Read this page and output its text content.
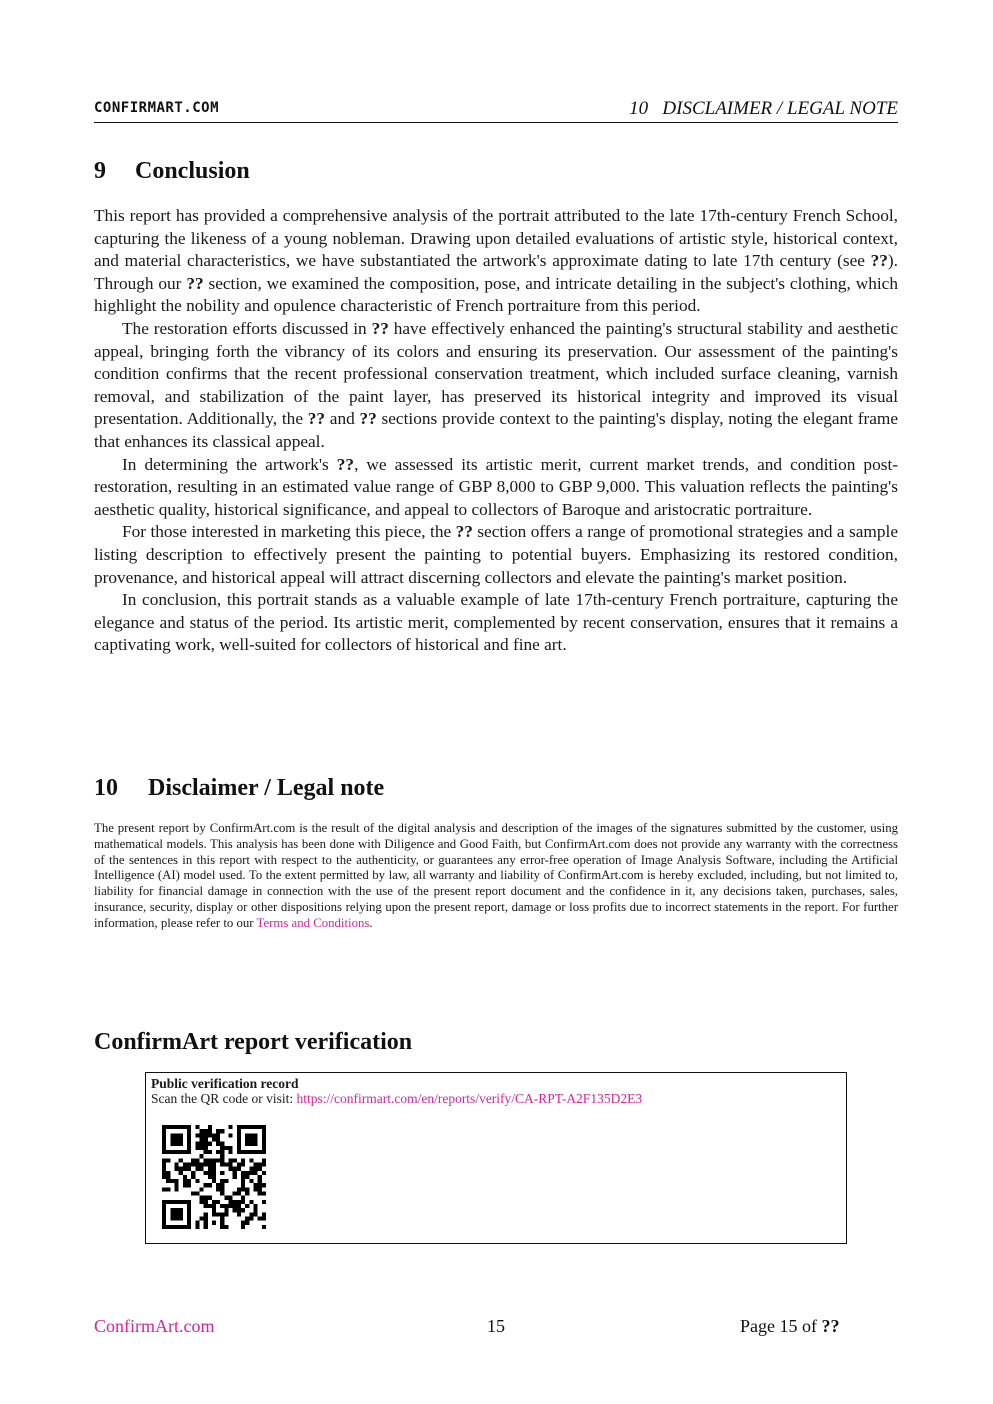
CONFIRMART.COM	10   DISCLAIMER / LEGAL NOTE
9 Conclusion

This report has provided a comprehensive analysis of the portrait attributed to the late 17th-century French School, capturing the likeness of a young nobleman. Drawing upon detailed evaluations of artistic style, historical context, and material characteristics, we have substantiated the artwork's approximate dating to late 17th century (see ??). Through our ?? section, we examined the composition, pose, and intricate detailing in the subject's clothing, which highlight the nobility and opulence characteristic of French portraiture from this period.

The restoration efforts discussed in ?? have effectively enhanced the painting's structural stability and aesthetic appeal, bringing forth the vibrancy of its colors and ensuring its preservation. Our assessment of the painting's condition confirms that the recent professional conservation treatment, which included surface cleaning, varnish removal, and stabilization of the paint layer, has preserved its historical integrity and improved its visual presentation. Additionally, the ?? and ?? sections provide context to the painting's display, noting the elegant frame that enhances its classical appeal.

In determining the artwork's ??, we assessed its artistic merit, current market trends, and condition post-restoration, resulting in an estimated value range of GBP 8,000 to GBP 9,000. This valuation reflects the painting's aesthetic quality, historical significance, and appeal to collectors of Baroque and aristocratic portraiture.

For those interested in marketing this piece, the ?? section offers a range of promotional strategies and a sample listing description to effectively present the painting to potential buyers. Emphasizing its restored condition, provenance, and historical appeal will attract discerning collectors and elevate the painting's market position.

In conclusion, this portrait stands as a valuable example of late 17th-century French portraiture, capturing the elegance and status of the period. Its artistic merit, complemented by recent conservation, ensures that it remains a captivating work, well-suited for collectors of historical and fine art.

10 Disclaimer / Legal note
The present report by ConfirmArt.com is the result of the digital analysis and description of the images of the signatures submitted by the customer, using mathematical models. This analysis has been done with Diligence and Good Faith, but ConfirmArt.com does not provide any warranty with the correctness of the sentences in this report with respect to the authenticity, or guarantees any error-free operation of Image Analysis Software, including the Artificial Intelligence (AI) model used. To the extent permitted by law, all warranty and liability of ConfirmArt.com is hereby excluded, including, but not limited to, liability for financial damage in connection with the use of the present report document and the confidence in it, any decisions taken, purchases, sales, insurance, security, display or other dispositions relying upon the present report, damage or loss profits due to incorrect statements in the report. For further information, please refer to our Terms and Conditions.
ConfirmArt report verification
Public verification record
Scan the QR code or visit: https://confirmart.com/en/reports/verify/CA-RPT-A2F135D2E3
ConfirmArt.com	15	Page 15 of ??
